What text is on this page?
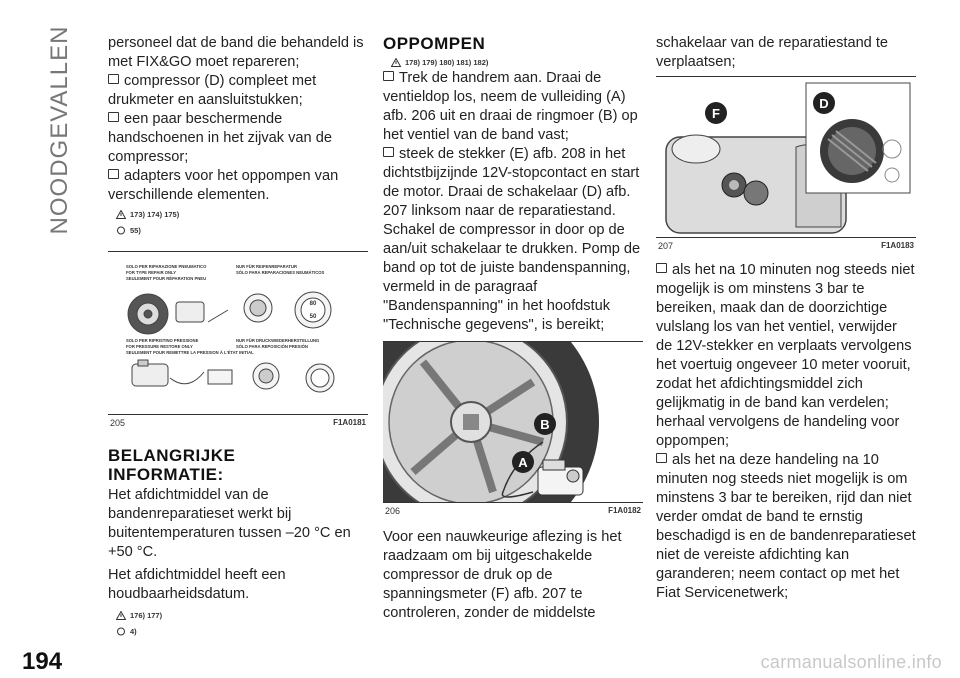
NOODGEVALLEN
194

personeel dat de band die behandeld is met FIX&GO moet repareren;

compressor (D) compleet met drukmeter en aansluitstukken;
een paar beschermende handschoenen in het zijvak van de compressor;
adapters voor het oppompen van verschillende elementen.
173) 174) 175)
55)
SOLO PER RIPARAZIONE PNEUMATICO
FOR TYPE REPAIR ONLY
SEULEMENT POUR RÉPARATION PNEU
NUR FÜR REIFENREPARATUR
SÓLO PARA REPARACIONES NEUMÁTICOS
SOLO PER RIPRISTINO PRESSIONE
FOR PRESSURE RESTORE ONLY
SEULEMENT POUR REMETTRE LA PRESSION À L'ÉTAT INITIAL
NUR FÜR DRUCKWIEDERHERSTELLUNG
SÓLO PARA REPOSICIÓN PRESIÓN
80
50
205	F1A0181
BELANGRIJKE INFORMATIE:

Het afdichtmiddel van de bandenreparatieset werkt bij buitentemperaturen tussen –20 °C en +50 °C.

Het afdichtmiddel heeft een houdbaarheidsdatum.

176) 177)
4)
OPPOMPEN
178) 179) 180) 181) 182)
Trek de handrem aan. Draai de ventieldop los, neem de vulleiding (A) afb. 206 uit en draai de ringmoer (B) op het ventiel van de band vast;
steek de stekker (E) afb. 208 in het dichtstbijzijnde 12V-stopcontact en start de motor. Draai de schakelaar (D) afb. 207 linksom naar de reparatiestand. Schakel de compressor in door op de aan/uit schakelaar te drukken. Pomp de band op tot de juiste bandenspanning, vermeld in de paragraaf "Bandenspanning" in het hoofdstuk "Technische gegevens", is bereikt;
B
A
206	F1A0182

Voor een nauwkeurige aflezing is het raadzaam om bij uitgeschakelde compressor de druk op de spanningsmeter (F) afb. 207 te controleren, zonder de middelste

schakelaar van de reparatiestand te verplaatsen;

F
D
207	F1A0183
als het na 10 minuten nog steeds niet mogelijk is om minstens 3 bar te bereiken, maak dan de doorzichtige vulslang los van het ventiel, verwijder de 12V-stekker en verplaats vervolgens het voertuig ongeveer 10 meter vooruit, zodat het afdichtingsmiddel zich gelijkmatig in de band kan verdelen; herhaal vervolgens de handeling voor oppompen;
als het na deze handeling na 10 minuten nog steeds niet mogelijk is om minstens 3 bar te bereiken, rijd dan niet verder omdat de band te ernstig beschadigd is en de bandenreparatieset niet de vereiste afdichting kan garanderen; neem contact op met het Fiat Servicenetwerk;
carmanualsonline.info
